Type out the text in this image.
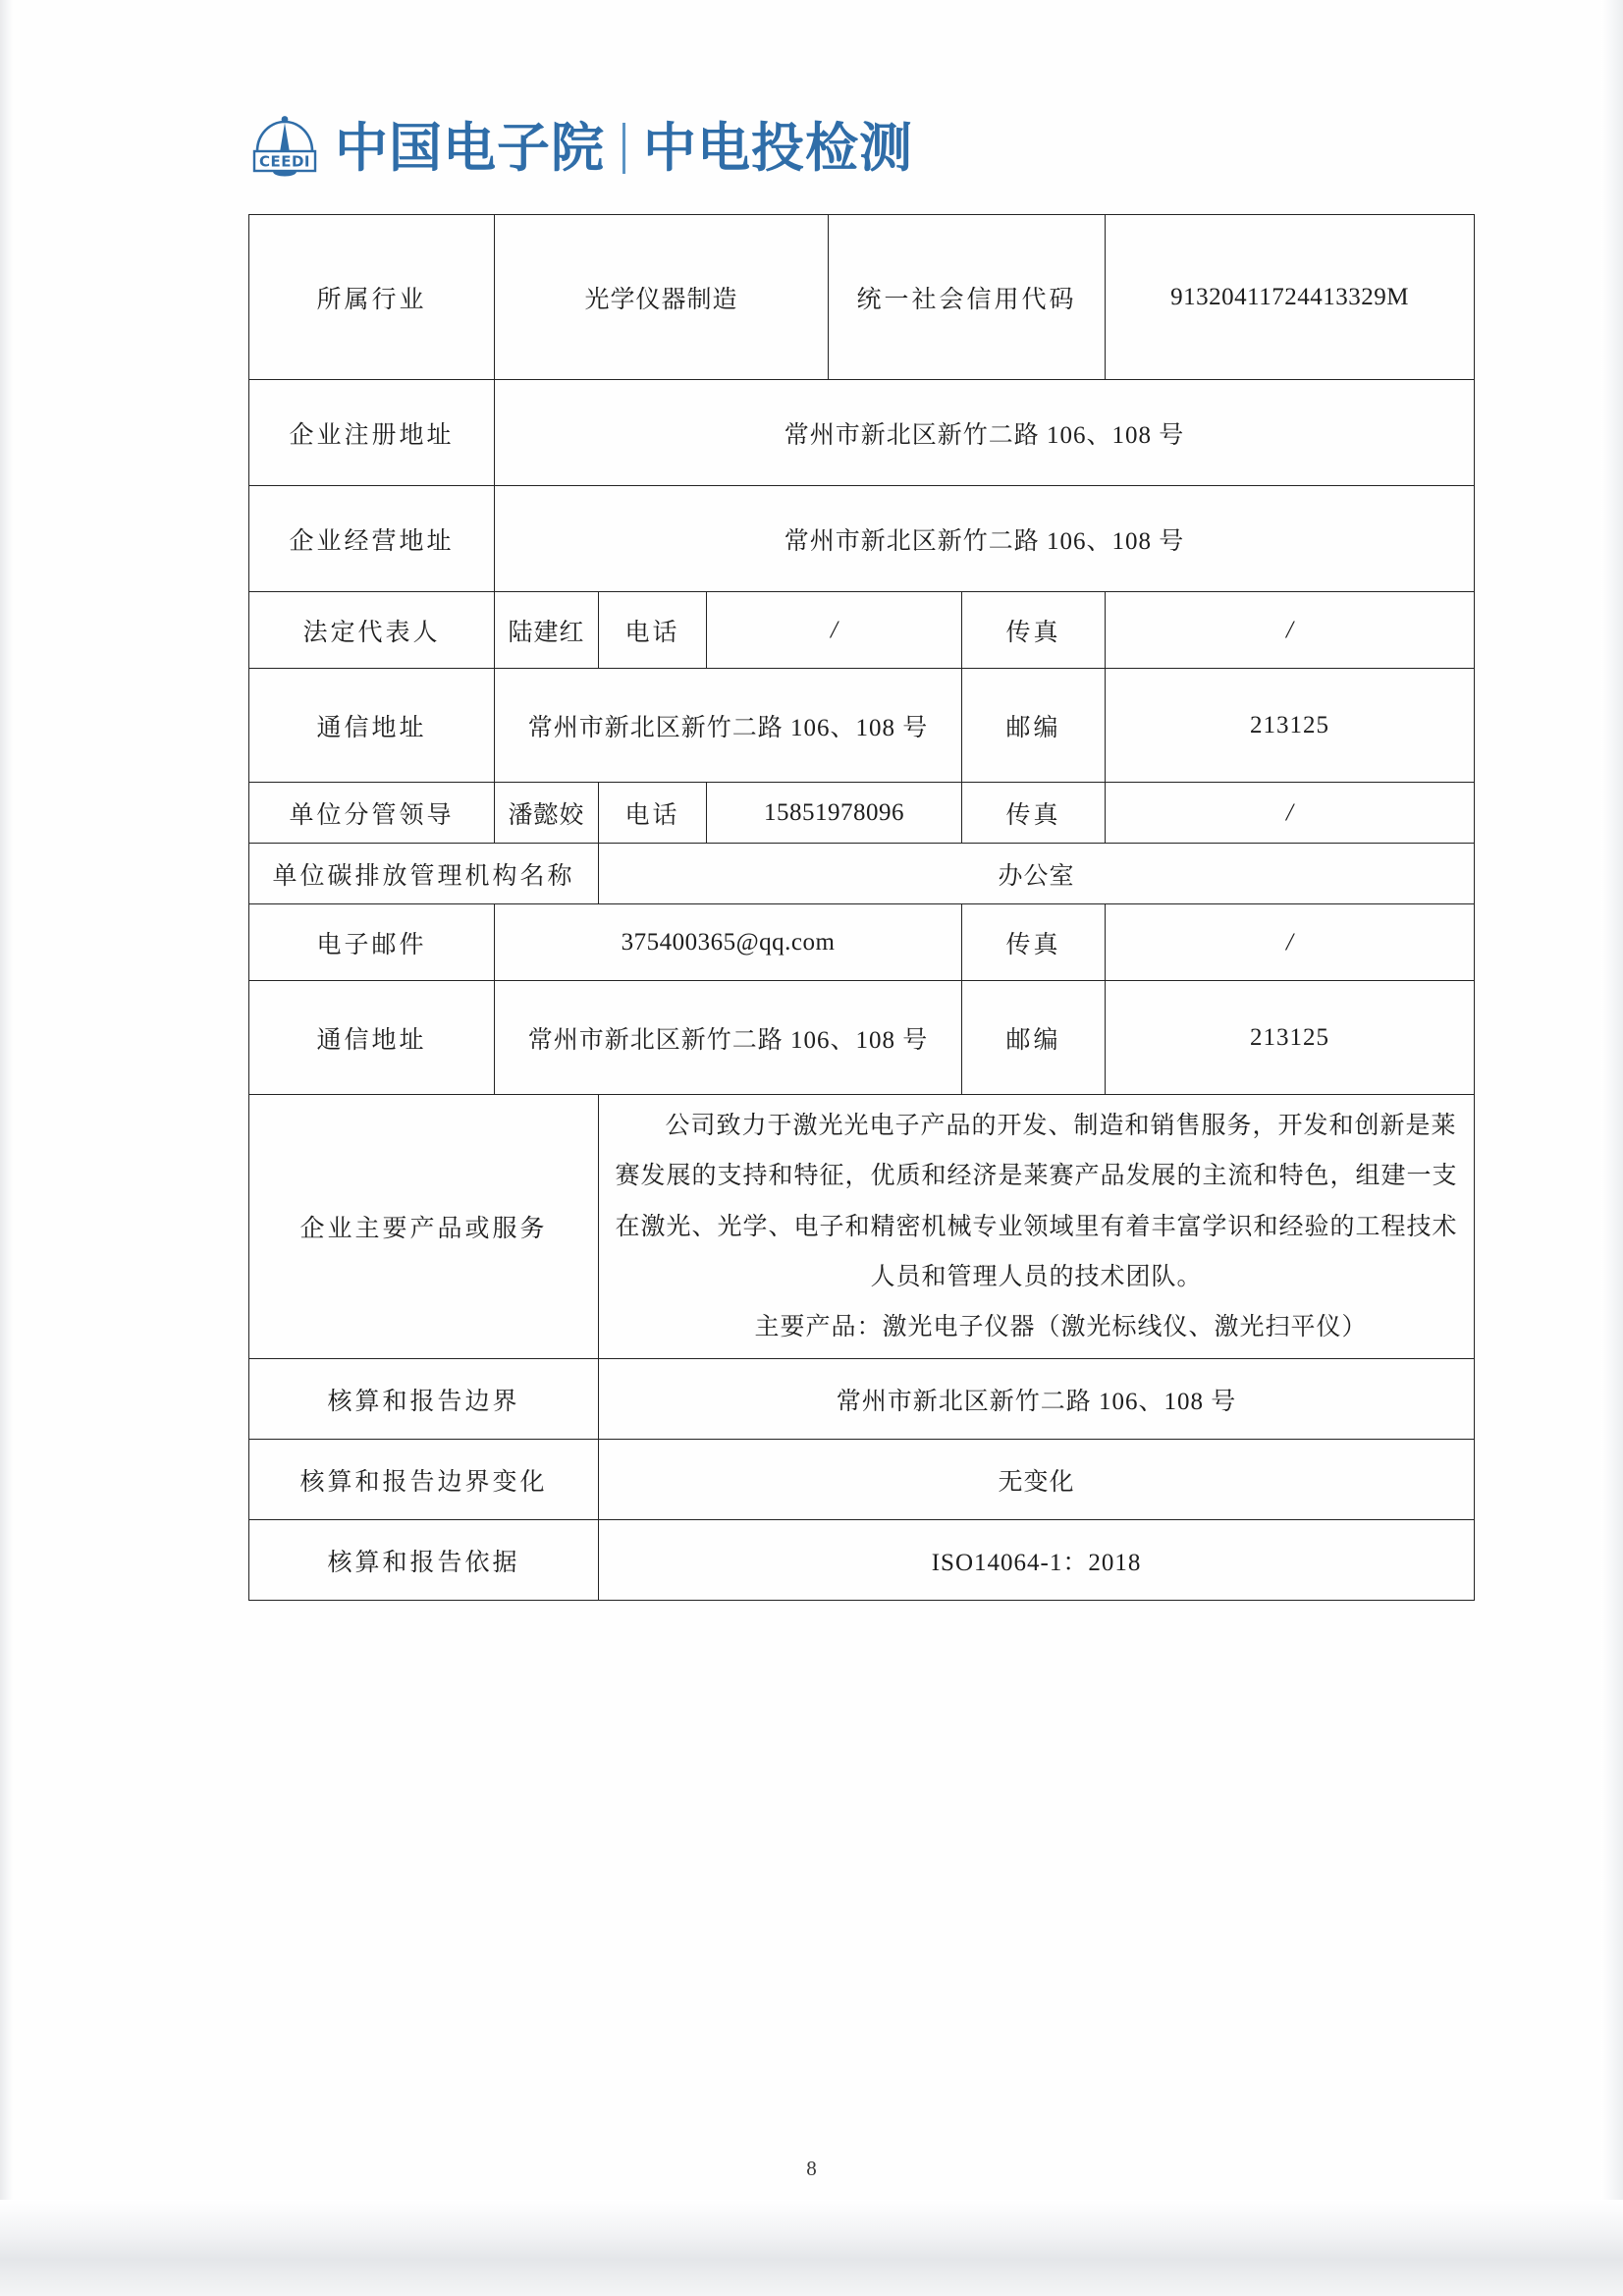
CEEDI 中国电子院 中电投检测
所属行业	光学仪器制造			统一社会信用代码		91320411724413329M
企业注册地址	常州市新北区新竹二路 106、108 号					
企业经营地址	常州市新北区新竹二路 106、108 号					
法定代表人	陆建红	电话	/		传真	/
通信地址	常州市新北区新竹二路 106、108 号				邮编	213125
单位分管领导	潘懿姣	电话	15851978096		传真	/
单位碳排放管理机构名称		办公室				
电子邮件	375400365@qq.com				传真	/
通信地址	常州市新北区新竹二路 106、108 号				邮编	213125
企业主要产品或服务		公司致力于激光光电子产品的开发、制造和销售服务，开发和创新是莱赛发展的支持和特征，优质和经济是莱赛产品发展的主流和特色，组建一支在激光、光学、电子和精密机械专业领域里有着丰富学识和经验的工程技术人员和管理人员的技术团队。

主要产品：激光电子仪器（激光标线仪、激光扫平仪）				

核算和报告边界		常州市新北区新竹二路 106、108 号				
核算和报告边界变化		无变化				
核算和报告依据		ISO14064-1：2018				
8
